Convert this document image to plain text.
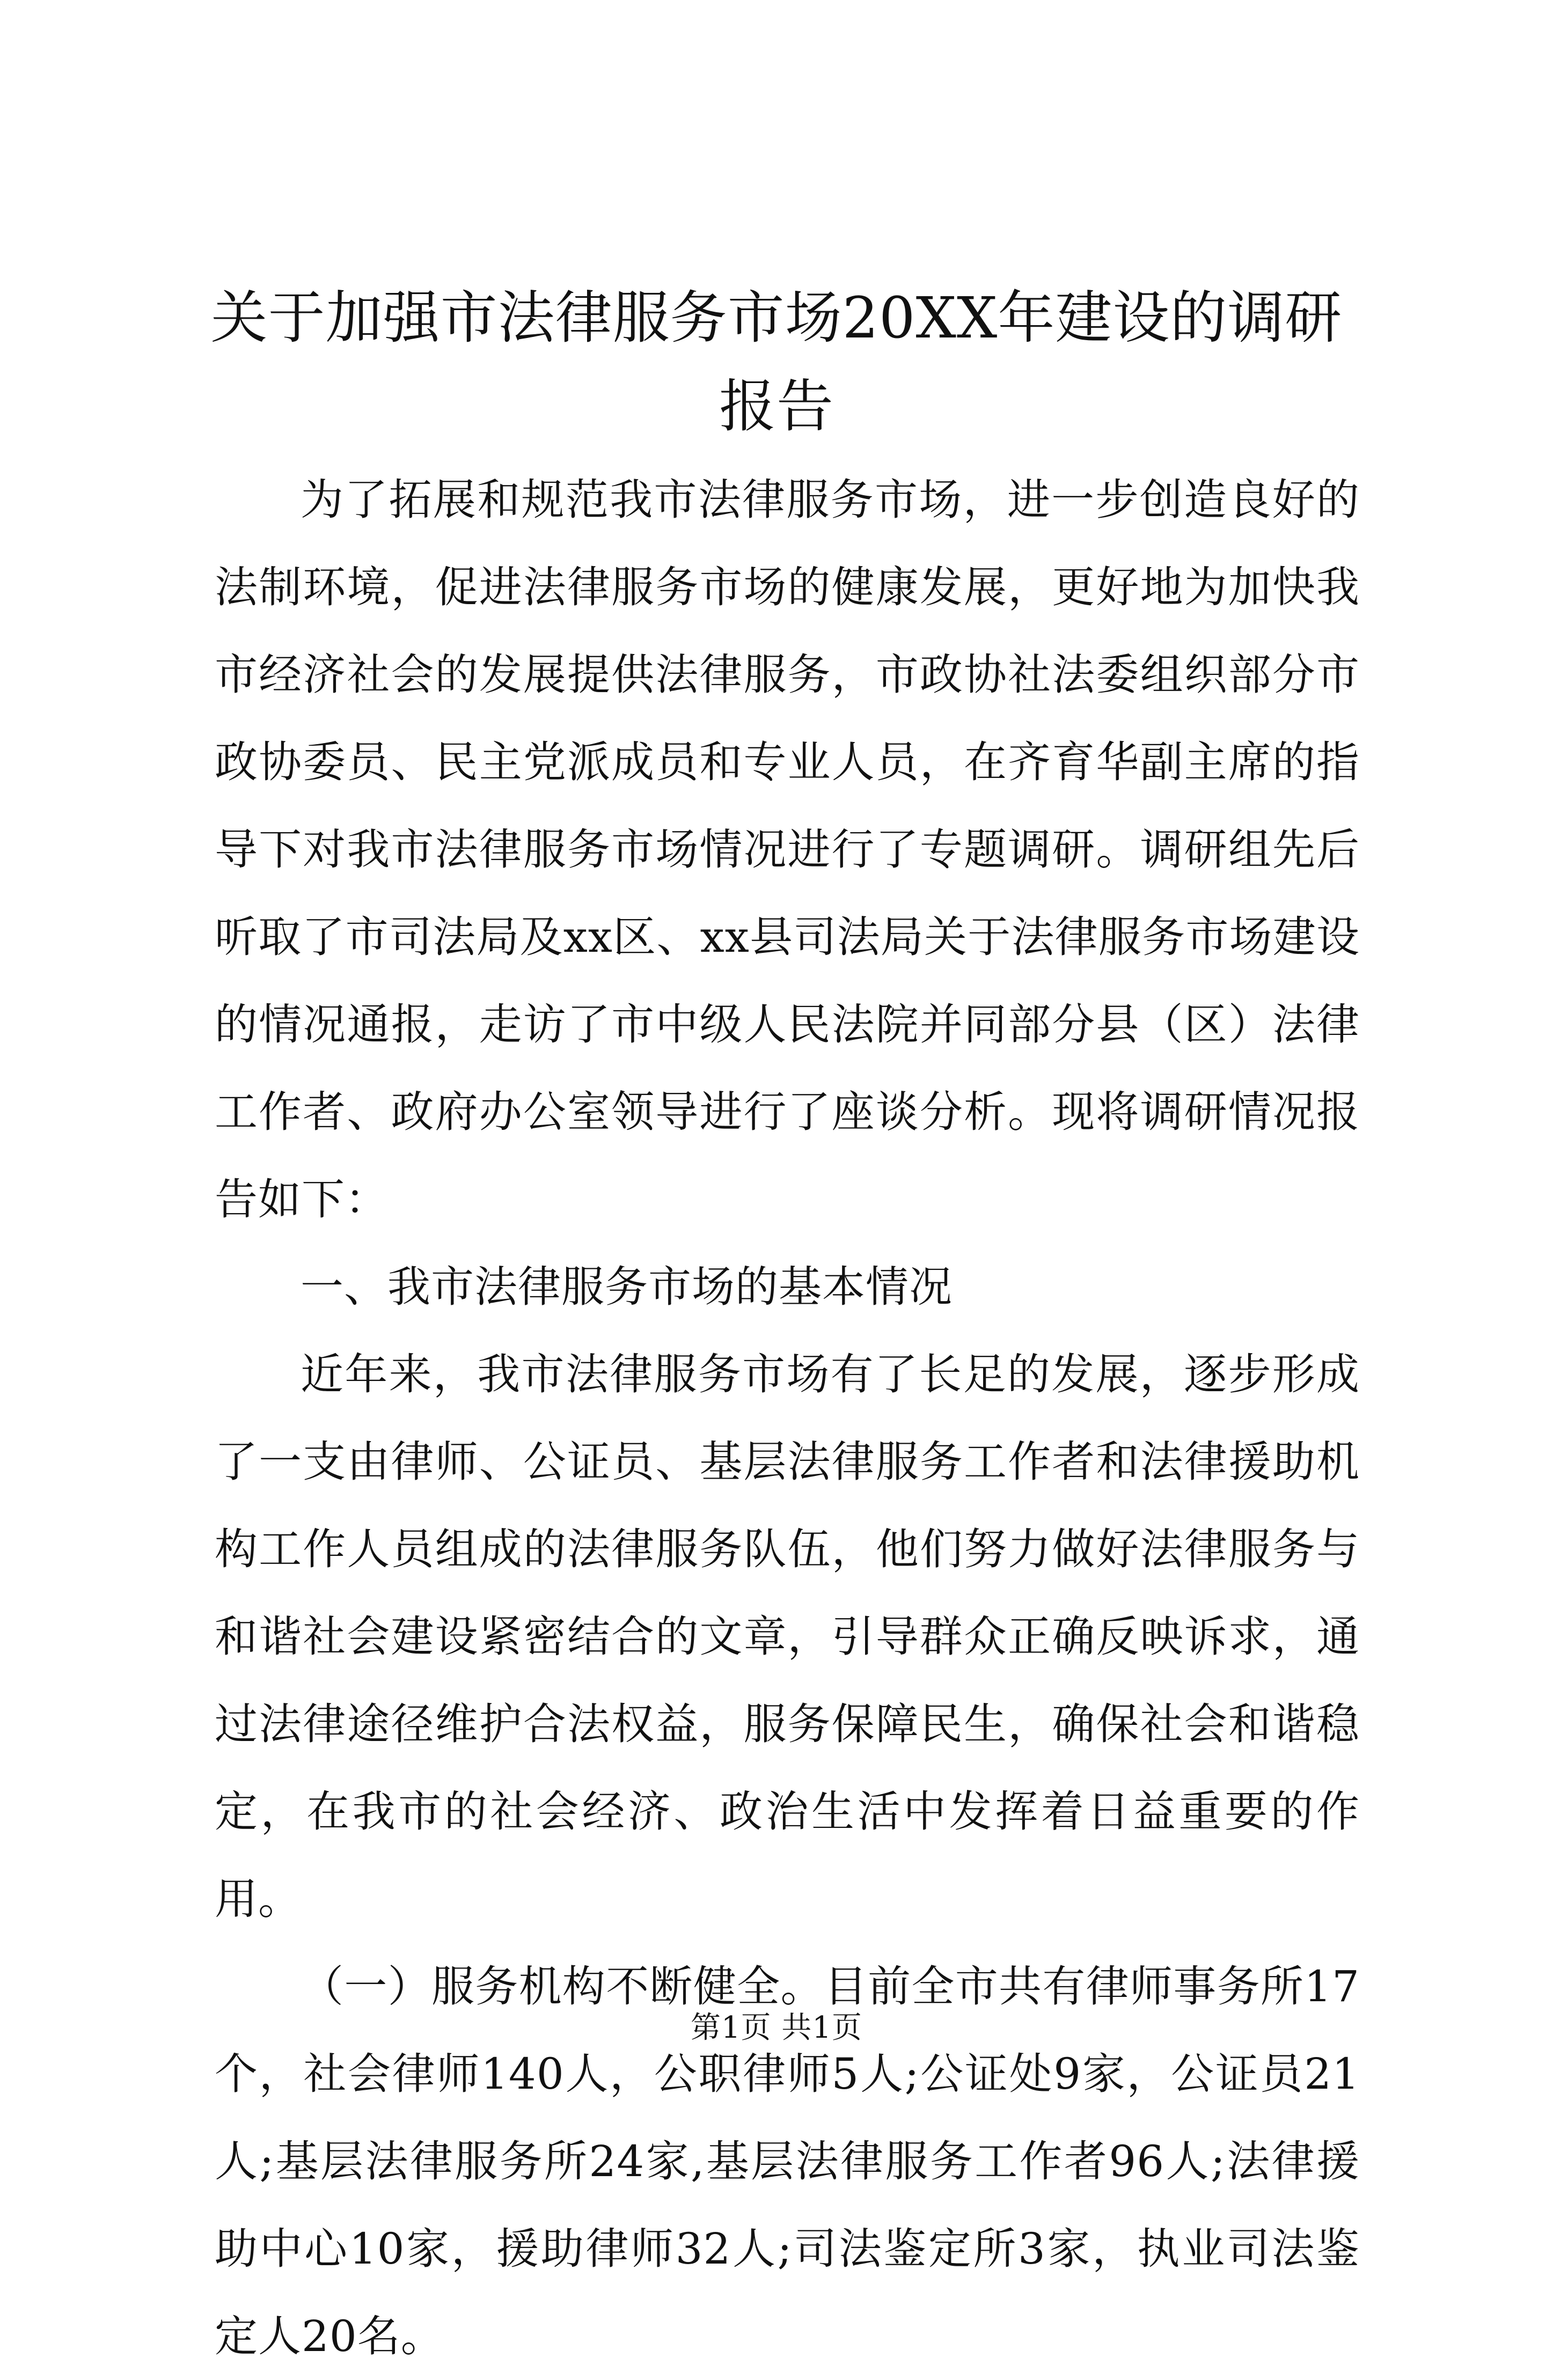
关于加强市法律服务市场20XX年建设的调研
报告

为了拓展和规范我市法律服务市场，进一步创造良好的法制环境，促进法律服务市场的健康发展，更好地为加快我市经济社会的发展提供法律服务，市政协社法委组织部分市政协委员、民主党派成员和专业人员，在齐育华副主席的指导下对我市法律服务市场情况进行了专题调研。调研组先后听取了市司法局及xx区、xx县司法局关于法律服务市场建设的情况通报，走访了市中级人民法院并同部分县（区）法律工作者、政府办公室领导进行了座谈分析。现将调研情况报告如下：

一、我市法律服务市场的基本情况

近年来，我市法律服务市场有了长足的发展，逐步形成了一支由律师、公证员、基层法律服务工作者和法律援助机构工作人员组成的法律服务队伍，他们努力做好法律服务与和谐社会建设紧密结合的文章，引导群众正确反映诉求，通过法律途径维护合法权益，服务保障民生，确保社会和谐稳定，在我市的社会经济、政治生活中发挥着日益重要的作用。

（一）服务机构不断健全。目前全市共有律师事务所17个，社会律师140人，公职律师5人;公证处9家，公证员21人;基层法律服务所24家,基层法律服务工作者96人;法律援助中心10家，援助律师32人;司法鉴定所3家，执业司法鉴定人20名。

第1页 共1页
